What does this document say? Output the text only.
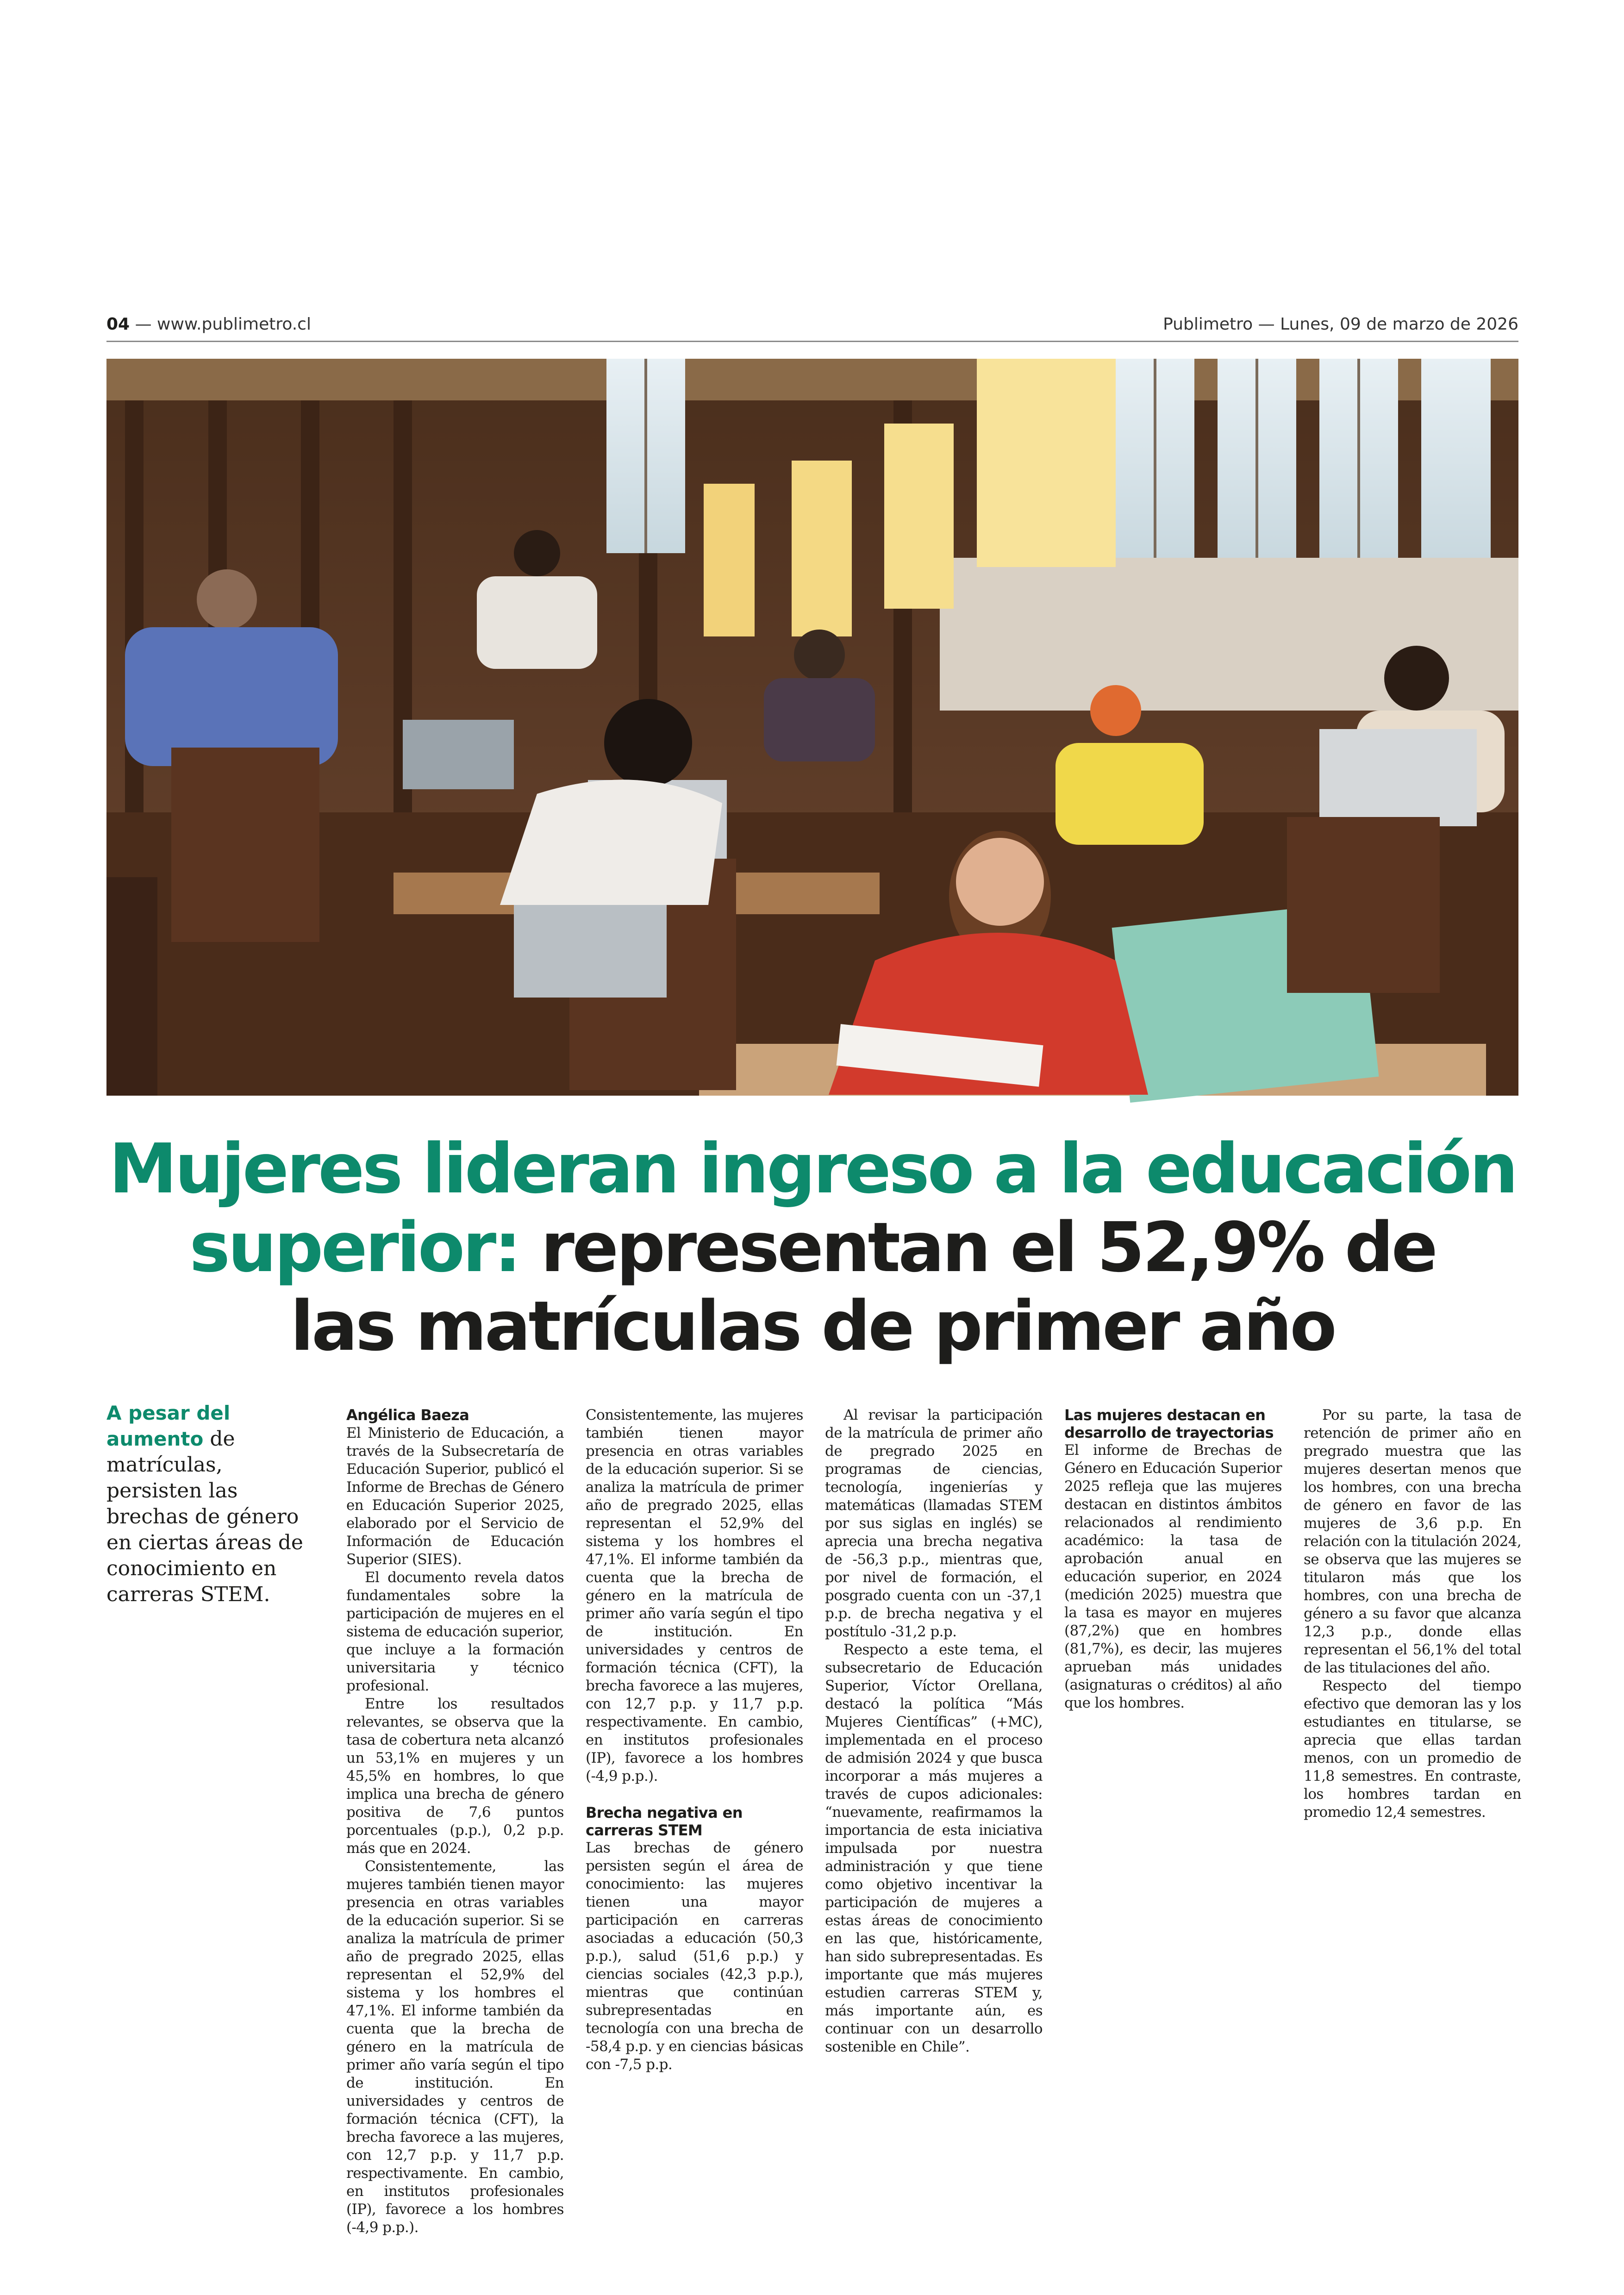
04 — www.publimetro.cl	Publimetro — Lunes, 09 de marzo de 2026
Mujeres lideran ingreso a la educación
superior: representan el 52,9% de
las matrículas de primer año
A pesar del aumento de matrículas, persisten las brechas de género en ciertas áreas de conocimiento en carreras STEM.
Angélica Baeza

El Ministerio de Educación, a través de la Subsecretaría de Educación Superior, publicó el Informe de Brechas de Género en Educación Superior 2025, elaborado por el Servicio de Información de Educación Superior (SIES).

El documento revela datos fundamentales sobre la participación de mujeres en el sistema de educación superior, que incluye a la formación universitaria y técnico profesional.

Entre los resultados relevantes, se observa que la tasa de cobertura neta alcanzó un 53,1% en mujeres y un 45,5% en hombres, lo que implica una brecha de género positiva de 7,6 puntos porcentuales (p.p.), 0,2 p.p. más que en 2024.

Consistentemente, las mujeres también tienen mayor presencia en otras variables de la educación superior. Si se analiza la matrícula de primer año de pregrado 2025, ellas representan el 52,9% del sistema y los hombres el 47,1%. El informe también da cuenta que la brecha de género en la matrícula de primer año varía según el tipo de institución. En universidades y centros de formación técnica (CFT), la brecha favorece a las mujeres, con 12,7 p.p. y 11,7 p.p. respectivamente. En cambio, en institutos profesionales (IP), favorece a los hombres (-4,9 p.p.).

Consistentemente, las mujeres también tienen mayor presencia en otras variables de la educación superior. Si se analiza la matrícula de primer año de pregrado 2025, ellas representan el 52,9% del sistema y los hombres el 47,1%. El informe también da cuenta que la brecha de género en la matrícula de primer año varía según el tipo de institución. En universidades y centros de formación técnica (CFT), la brecha favorece a las mujeres, con 12,7 p.p. y 11,7 p.p. respectivamente. En cambio, en institutos profesionales (IP), favorece a los hombres (-4,9 p.p.).

Brecha negativa en carreras STEM

Las brechas de género persisten según el área de conocimiento: las mujeres tienen una mayor participación en carreras asociadas a educación (50,3 p.p.), salud (51,6 p.p.) y ciencias sociales (42,3 p.p.), mientras que continúan subrepresentadas en tecnología con una brecha de -58,4 p.p. y en ciencias básicas con -7,5 p.p.

Al revisar la participación de la matrícula de primer año de pregrado 2025 en programas de ciencias, tecnología, ingenierías y matemáticas (llamadas STEM por sus siglas en inglés) se aprecia una brecha negativa de -56,3 p.p., mientras que, por nivel de formación, el posgrado cuenta con un -37,1 p.p. de brecha negativa y el postítulo -31,2 p.p.

Respecto a este tema, el subsecretario de Educación Superior, Víctor Orellana, destacó la política “Más Mujeres Científicas” (+MC), implementada en el proceso de admisión 2024 y que busca incorporar a más mujeres a través de cupos adicionales: “nuevamente, reafirmamos la importancia de esta iniciativa impulsada por nuestra administración y que tiene como objetivo incentivar la participación de mujeres a estas áreas de conocimiento en las que, históricamente, han sido subrepresentadas. Es importante que más mujeres estudien carreras STEM y, más importante aún, es continuar con un desarrollo sostenible en Chile”.

Las mujeres destacan en desarrollo de trayectorias

El informe de Brechas de Género en Educación Superior 2025 refleja que las mujeres destacan en distintos ámbitos relacionados al rendimiento académico: la tasa de aprobación anual en educación superior, en 2024 (medición 2025) muestra que la tasa es mayor en mujeres (87,2%) que en hombres (81,7%), es decir, las mujeres aprueban más unidades (asignaturas o créditos) al año que los hombres.

Por su parte, la tasa de retención de primer año en pregrado muestra que las mujeres desertan menos que los hombres, con una brecha de género en favor de las mujeres de 3,6 p.p. En relación con la titulación 2024, se observa que las mujeres se titularon más que los hombres, con una brecha de género a su favor que alcanza 12,3 p.p., donde ellas representan el 56,1% del total de las titulaciones del año.

Respecto del tiempo efectivo que demoran las y los estudiantes en titularse, se aprecia que ellas tardan menos, con un promedio de 11,8 semestres. En contraste, los hombres tardan en promedio 12,4 semestres.
